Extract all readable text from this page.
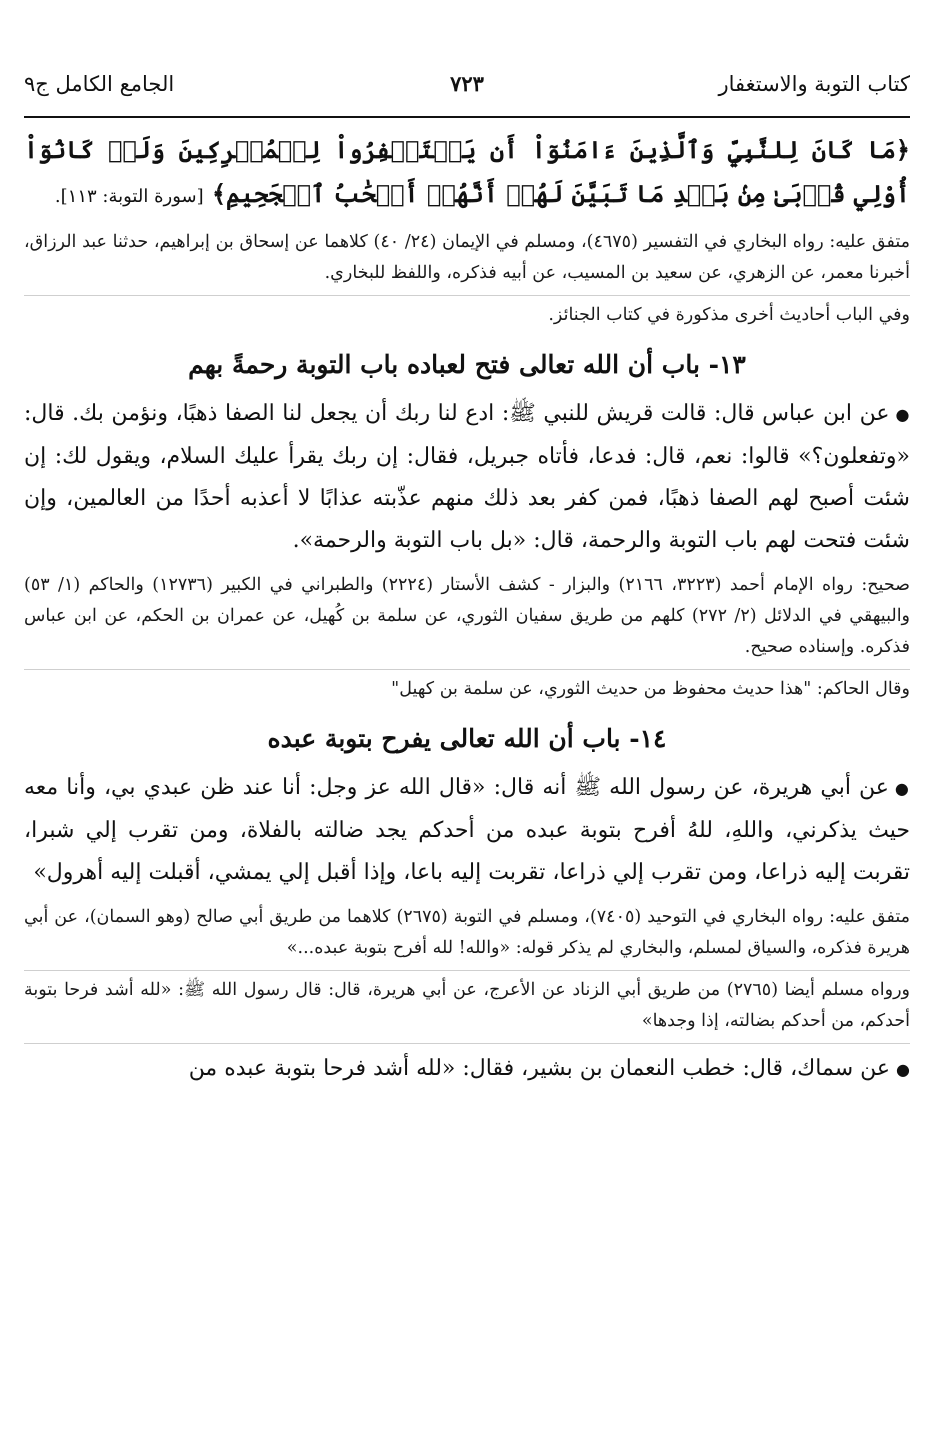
كتاب التوبة والاستغفار
٧٢٣
الجامع الكامل ج٩
﴿مَا كَانَ لِلنَّبِيِّ وَٱلَّذِينَ ءَامَنُوٓاْ أَن يَسۡتَغۡفِرُواْ لِلۡمُشۡرِكِينَ وَلَوۡ كَانُوٓاْ أُوْلِي قُرۡبَىٰ مِنۢ بَعۡدِ مَا تَبَيَّنَ لَهُمۡ أَنَّهُمۡ أَصۡحَٰبُ ٱلۡجَحِيمِ﴾ [سورة التوبة: ١١٣].
متفق عليه: رواه البخاري في التفسير (٤٦٧٥)، ومسلم في الإيمان (٢٤/ ٤٠) كلاهما عن إسحاق بن إبراهيم، حدثنا عبد الرزاق، أخبرنا معمر، عن الزهري، عن سعيد بن المسيب، عن أبيه فذكره، واللفظ للبخاري.
وفي الباب أحاديث أخرى مذكورة في كتاب الجنائز.
١٣- باب أن الله تعالى فتح لعباده باب التوبة رحمةً بهم
●عن ابن عباس قال: قالت قريش للنبي ﷺ: ادع لنا ربك أن يجعل لنا الصفا ذهبًا، ونؤمن بك. قال: «وتفعلون؟» قالوا: نعم، قال: فدعا، فأتاه جبريل، فقال: إن ربك يقرأ عليك السلام، ويقول لك: إن شئت أصبح لهم الصفا ذهبًا، فمن كفر بعد ذلك منهم عذّبته عذابًا لا أعذبه أحدًا من العالمين، وإن شئت فتحت لهم باب التوبة والرحمة، قال: «بل باب التوبة والرحمة».
صحيح: رواه الإمام أحمد (٣٢٢٣، ٢١٦٦) والبزار - كشف الأستار (٢٢٢٤) والطبراني في الكبير (١٢٧٣٦) والحاكم (١/ ٥٣) والبيهقي في الدلائل (٢/ ٢٧٢) كلهم من طريق سفيان الثوري، عن سلمة بن كُهيل، عن عمران بن الحكم، عن ابن عباس فذكره. وإسناده صحيح.
وقال الحاكم: "هذا حديث محفوظ من حديث الثوري، عن سلمة بن كهيل"
١٤- باب أن الله تعالى يفرح بتوبة عبده
●عن أبي هريرة، عن رسول الله ﷺ أنه قال: «قال الله عز وجل: أنا عند ظن عبدي بي، وأنا معه حيث يذكرني، واللهِ، للهُ أفرح بتوبة عبده من أحدكم يجد ضالته بالفلاة، ومن تقرب إلي شبرا، تقربت إليه ذراعا، ومن تقرب إلي ذراعا، تقربت إليه باعا، وإذا أقبل إلي يمشي، أقبلت إليه أهرول»
متفق عليه: رواه البخاري في التوحيد (٧٤٠٥)، ومسلم في التوبة (٢٦٧٥) كلاهما من طريق أبي صالح (وهو السمان)، عن أبي هريرة فذكره، والسياق لمسلم، والبخاري لم يذكر قوله: «والله! لله أفرح بتوبة عبده...»
ورواه مسلم أيضا (٢٧٦٥) من طريق أبي الزناد عن الأعرج، عن أبي هريرة، قال: قال رسول الله ﷺ: «لله أشد فرحا بتوبة أحدكم، من أحدكم بضالته، إذا وجدها»
●عن سماك، قال: خطب النعمان بن بشير، فقال: «لله أشد فرحا بتوبة عبده من
